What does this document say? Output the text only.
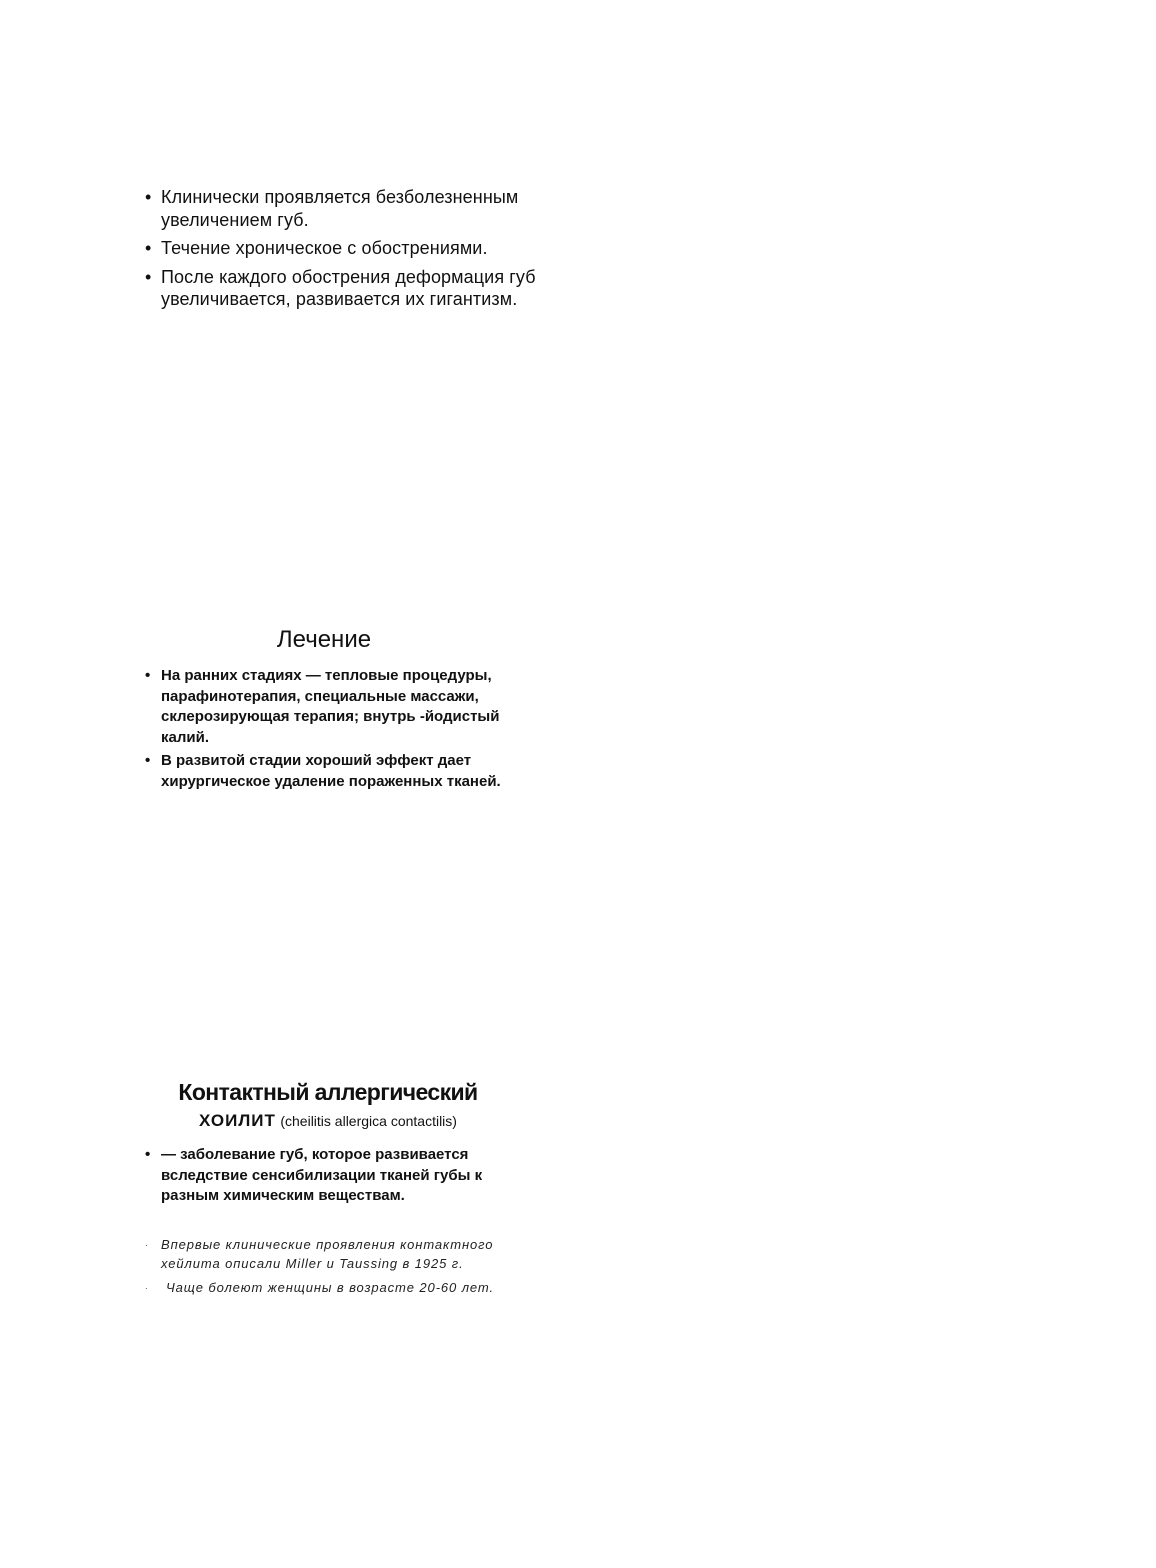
• Клинически проявляется безболезненным увеличением губ.
• Течение хроническое с обострениями.
• После каждого обострения деформация губ увеличивается, развивается их гигантизм.
Лечение
• На ранних стадиях — тепловые процедуры, парафинотерапия, специальные массажи, склерозирующая терапия; внутрь -йодистый калий.
• В развитой стадии хороший эффект дает хирургическое удаление пораженных тканей.
Контактный аллергический
ХОИЛИТ (cheilitis allergica contactilis)
• — заболевание губ, которое развивается вследствие сенсибилизации тканей губы к разным химическим веществам.
· Впервые клинические проявления контактного хейлита описали Miller и Taussing в 1925 г.
· Чаще болеют женщины в возрасте 20-60 лет.
